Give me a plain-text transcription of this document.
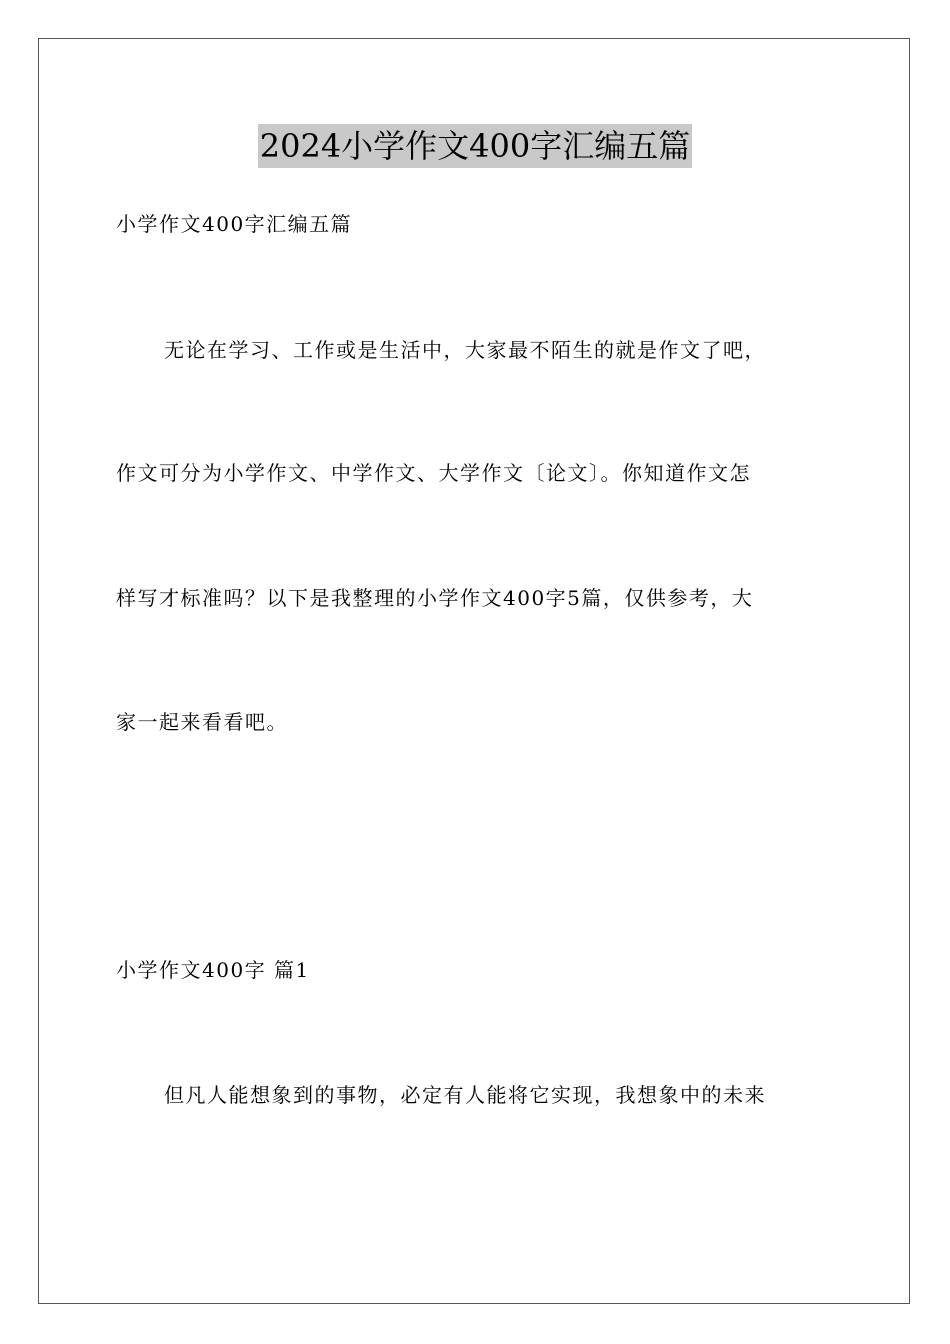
2024小学作文400字汇编五篇
小学作文400字汇编五篇
无论在学习、工作或是生活中，大家最不陌生的就是作文了吧，
作文可分为小学作文、中学作文、大学作文〔论文〕。你知道作文怎
样写才标准吗？以下是我整理的小学作文400字5篇，仅供参考，大
家一起来看看吧。
小学作文400字 篇1
但凡人能想象到的事物，必定有人能将它实现，我想象中的未来
